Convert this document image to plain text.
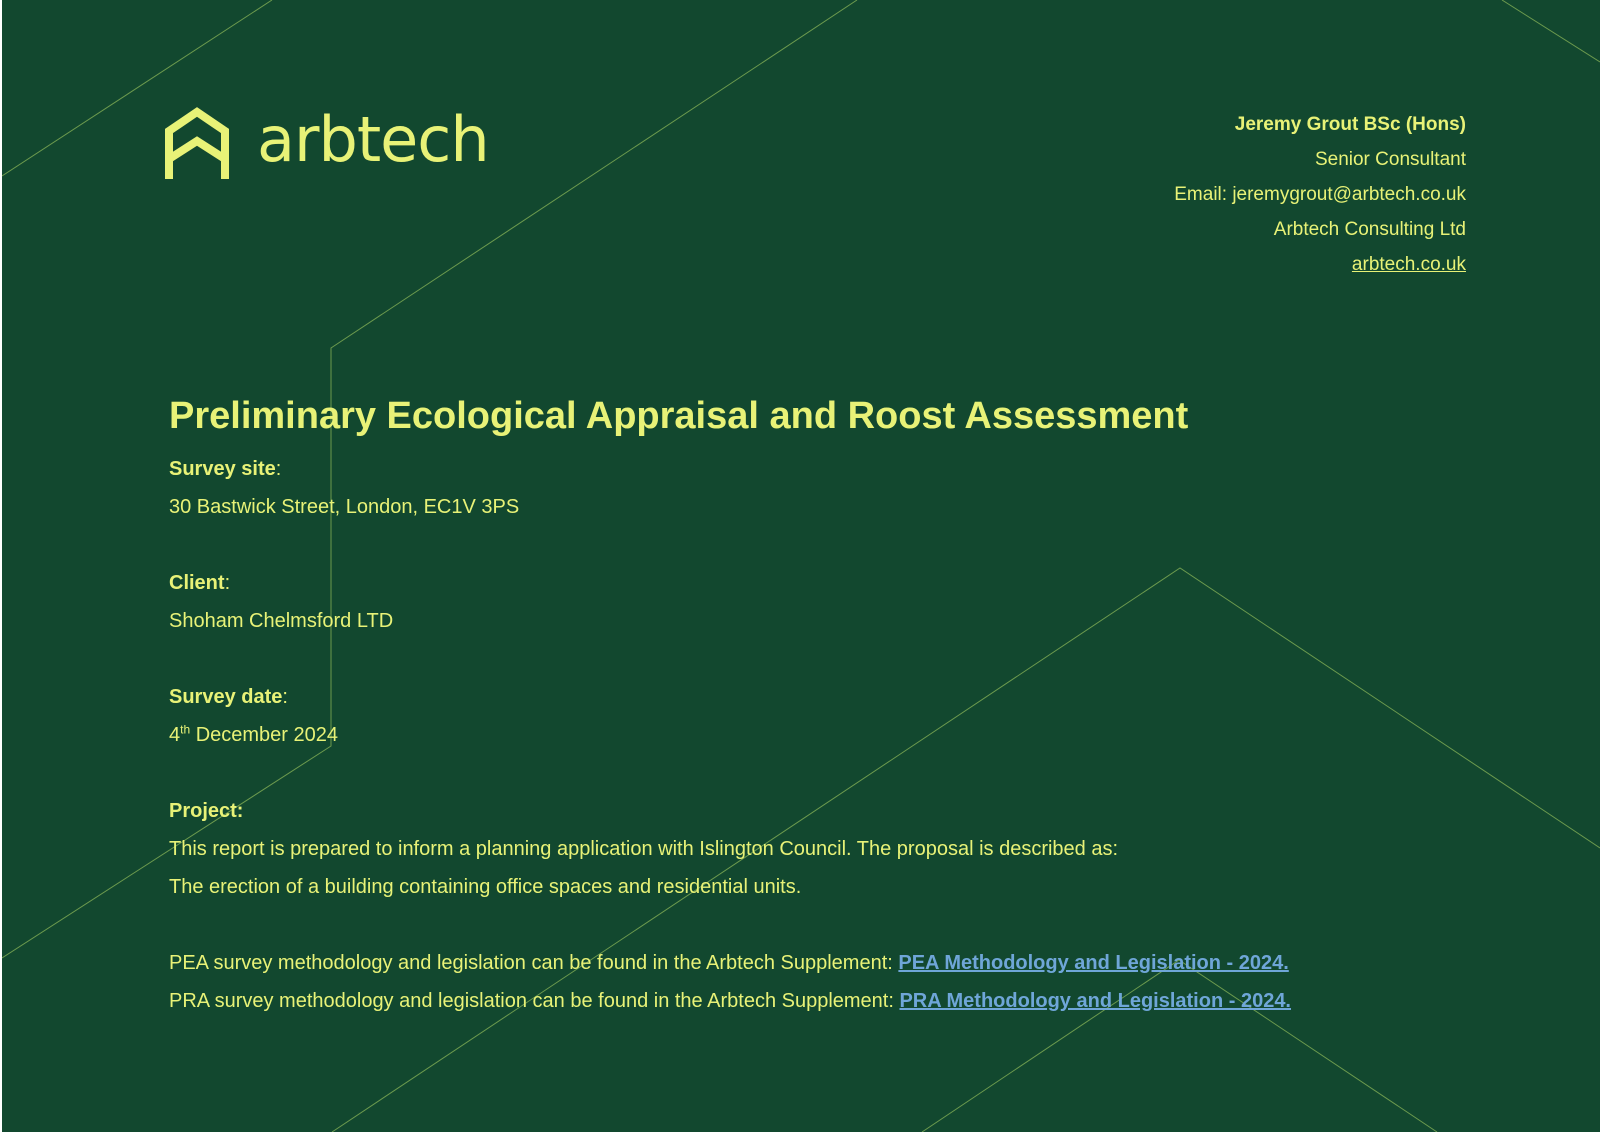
arbtech	Jeremy Grout BSc (Hons)
Senior Consultant
Email: jeremygrout@arbtech.co.uk
Arbtech Consulting Ltd
arbtech.co.uk
Preliminary Ecological Appraisal and Roost Assessment
Survey site:
30 Bastwick Street, London, EC1V 3PS
Client:
Shoham Chelmsford LTD
Survey date:
4th December 2024
Project:
This report is prepared to inform a planning application with Islington Council. The proposal is described as:
The erection of a building containing office spaces and residential units.
PEA survey methodology and legislation can be found in the Arbtech Supplement: PEA Methodology and Legislation - 2024.
PRA survey methodology and legislation can be found in the Arbtech Supplement: PRA Methodology and Legislation - 2024.
